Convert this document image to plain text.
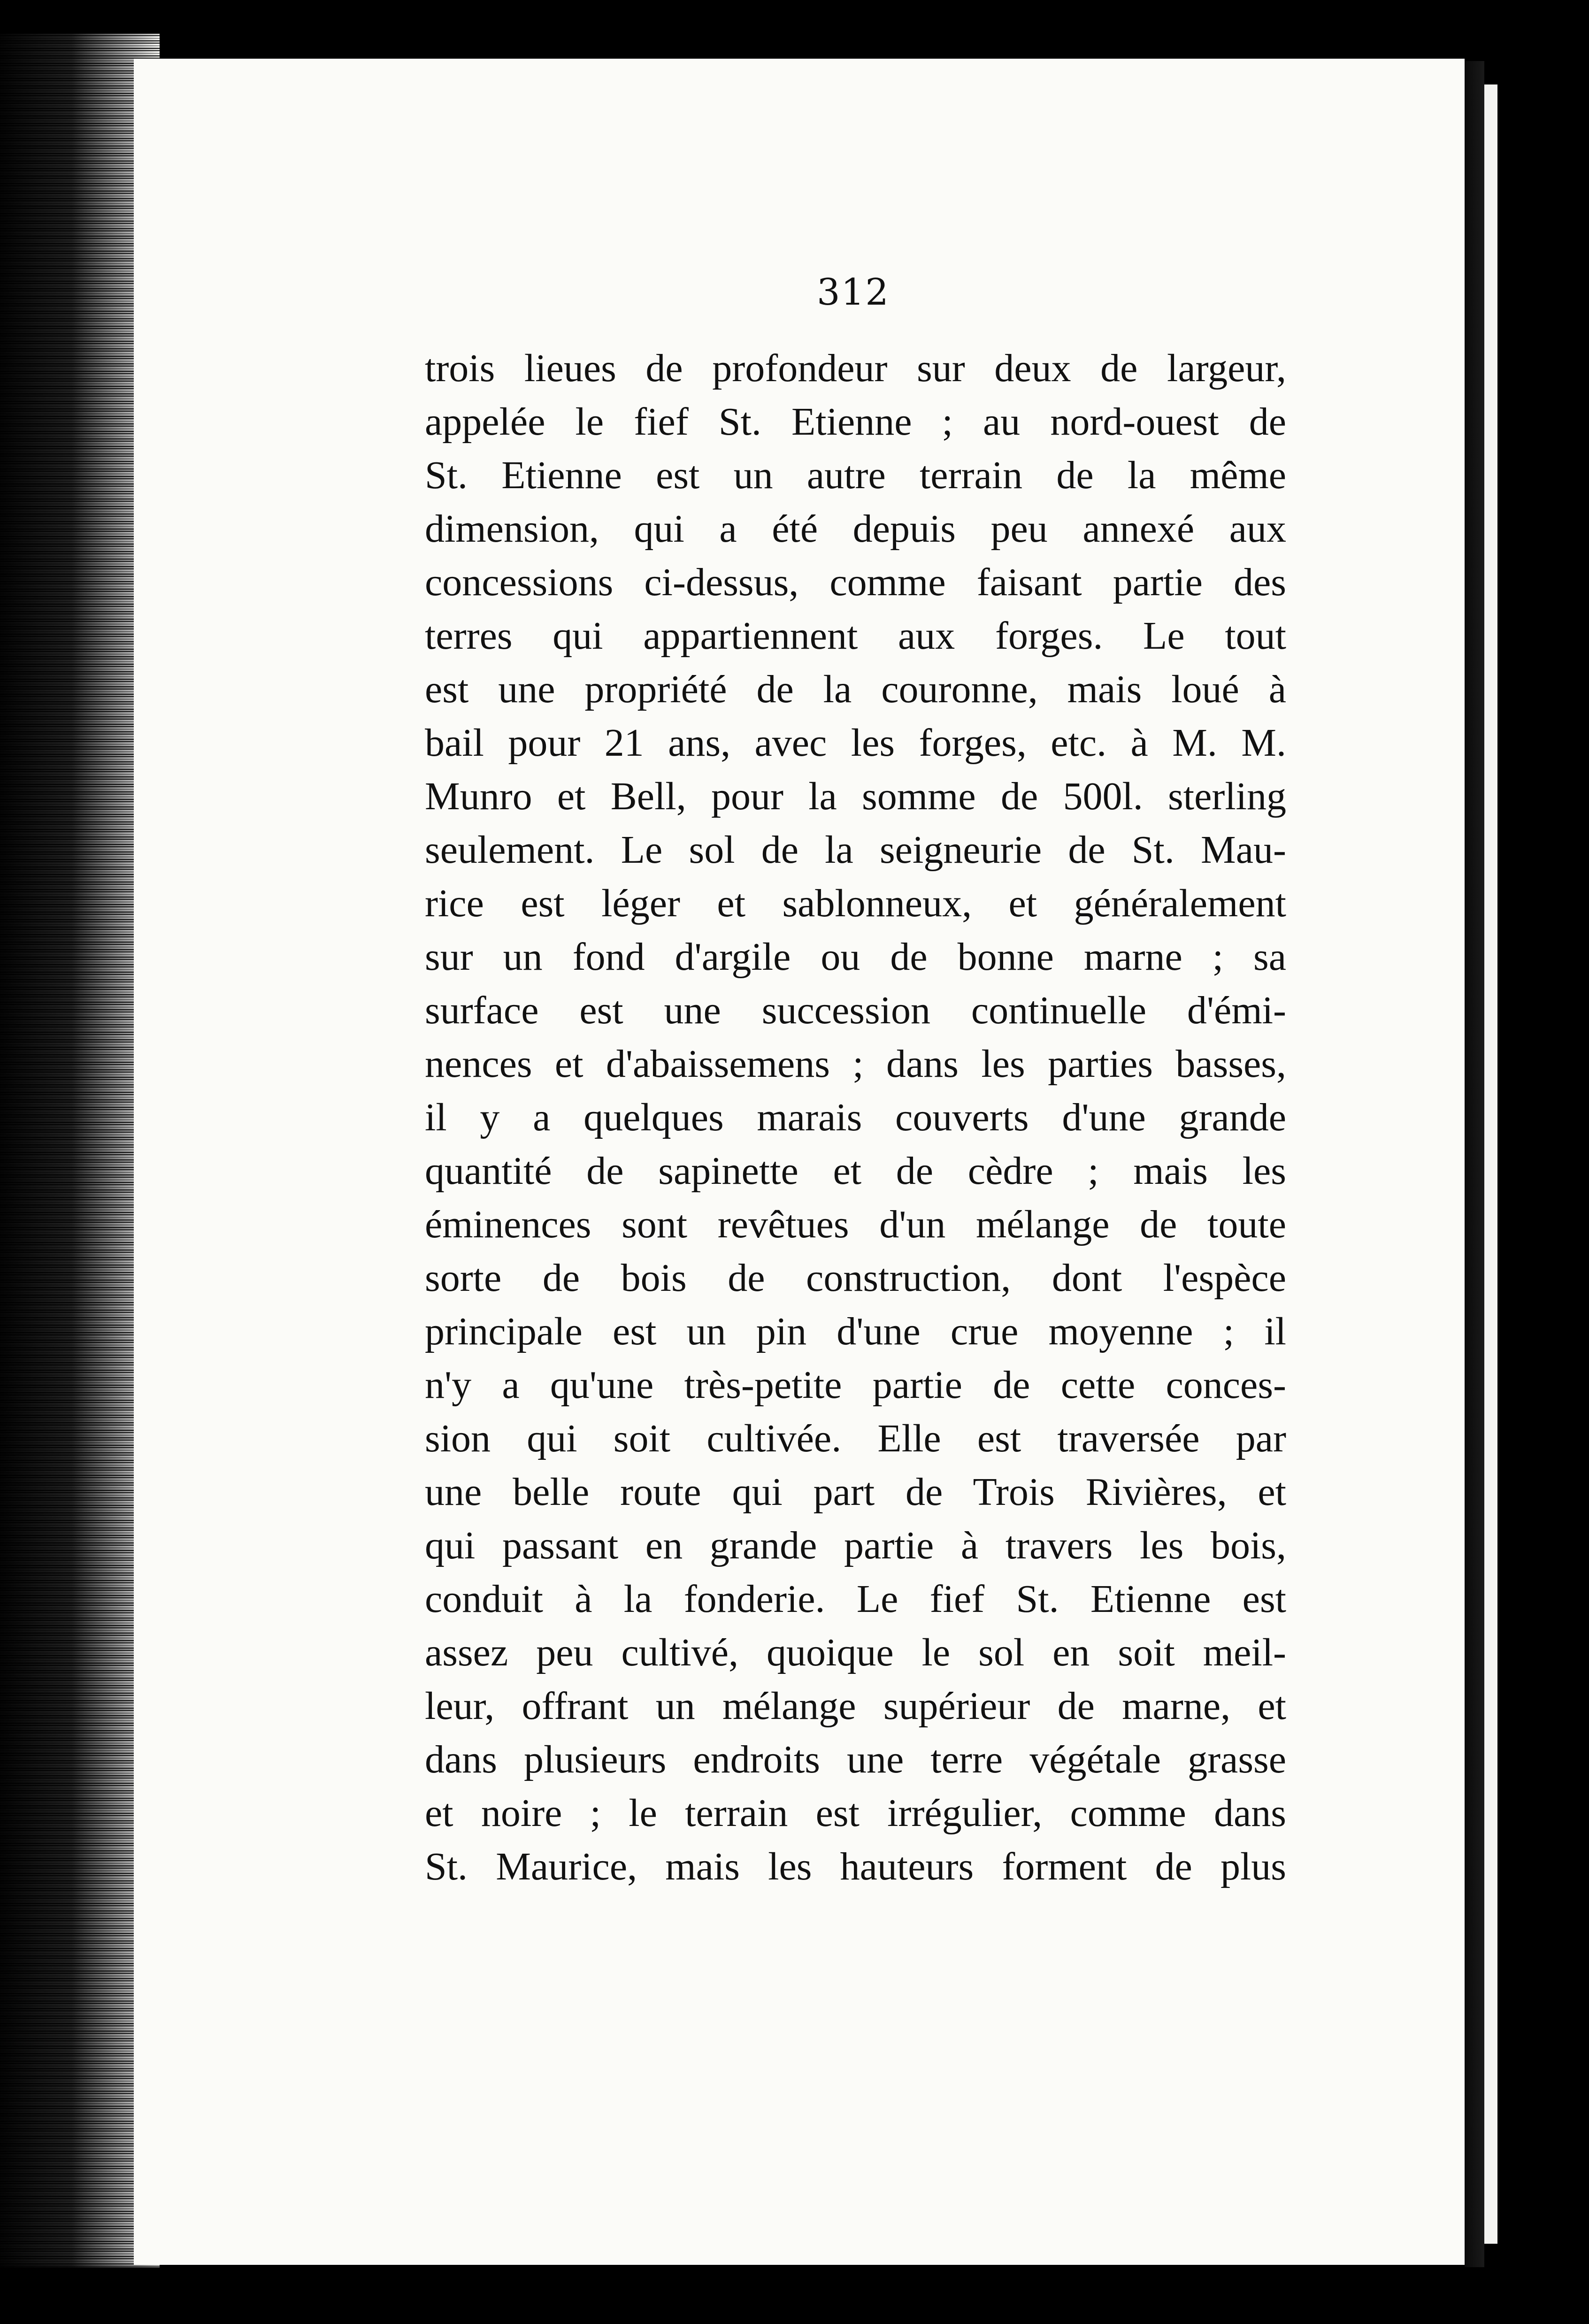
312
trois lieues de profondeur sur deux de largeur,
appelée le fief St. Etienne ; au nord-ouest de
St. Etienne est un autre terrain de la même
dimension, qui a été depuis peu annexé aux
concessions ci-dessus, comme faisant partie des
terres qui appartiennent aux forges. Le tout
est une propriété de la couronne, mais loué à
bail pour 21 ans, avec les forges, etc. à M. M.
Munro et Bell, pour la somme de 500l. sterling
seulement. Le sol de la seigneurie de St. Mau-
rice est léger et sablonneux, et généralement
sur un fond d'argile ou de bonne marne ; sa
surface est une succession continuelle d'émi-
nences et d'abaissemens ; dans les parties basses,
il y a quelques marais couverts d'une grande
quantité de sapinette et de cèdre ; mais les
éminences sont revêtues d'un mélange de toute
sorte de bois de construction, dont l'espèce
principale est un pin d'une crue moyenne ; il
n'y a qu'une très-petite partie de cette conces-
sion qui soit cultivée. Elle est traversée par
une belle route qui part de Trois Rivières, et
qui passant en grande partie à travers les bois,
conduit à la fonderie. Le fief St. Etienne est
assez peu cultivé, quoique le sol en soit meil-
leur, offrant un mélange supérieur de marne, et
dans plusieurs endroits une terre végétale grasse
et noire ; le terrain est irrégulier, comme dans
St. Maurice, mais les hauteurs forment de plus
